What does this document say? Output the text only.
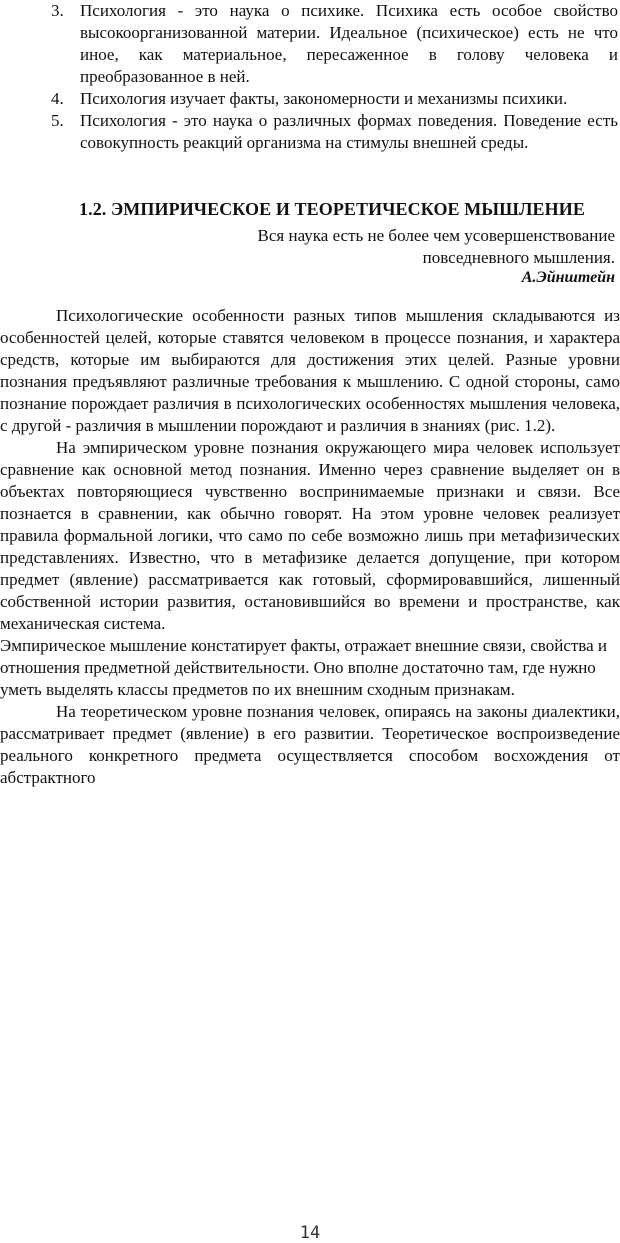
3. Психология - это наука о психике. Психика есть особое свойство высокоорганизованной материи. Идеальное (психическое) есть не что иное, как материальное, пересаженное в голову человека и преобразованное в ней.
4. Психология изучает факты, закономерности и механизмы психики.
5. Психология - это наука о различных формах поведения. Поведение есть совокупность реакций организма на стимулы внешней среды.
1.2. ЭМПИРИЧЕСКОЕ И ТЕОРЕТИЧЕСКОЕ МЫШЛЕНИЕ
Вся наука есть не более чем усовершенствование повседневного мышления.
А.Эйнштейн

Психологические особенности разных типов мышления складываются из особенностей целей, которые ставятся человеком в процессе познания, и характера средств, которые им выбираются для достижения этих целей. Разные уровни познания предъявляют различные требования к мышлению. С одной стороны, само познание порождает различия в психологических особенностях мышления человека, с другой - различия в мышлении порождают и различия в знаниях (рис. 1.2).

На эмпирическом уровне познания окружающего мира человек использует сравнение как основной метод познания. Именно через сравнение выделяет он в объектах повторяющиеся чувственно воспринимаемые признаки и связи. Все познается в сравнении, как обычно говорят. На этом уровне человек реализует правила формальной логики, что само по себе возможно лишь при метафизических представлениях. Известно, что в метафизике делается допущение, при котором предмет (явление) рассматривается как готовый, сформировавшийся, лишенный собственной истории развития, остановившийся во времени и пространстве, как механическая система.

Эмпирическое мышление констатирует факты, отражает внешние связи, свойства и отношения предметной действительности. Оно вполне достаточно там, где нужно уметь выделять классы предметов по их внешним сходным признакам.

На теоретическом уровне познания человек, опираясь на законы диалектики, рассматривает предмет (явление) в его развитии. Теоретическое воспроизведение реального конкретного предмета осуществляется способом восхождения от абстрактного

14
